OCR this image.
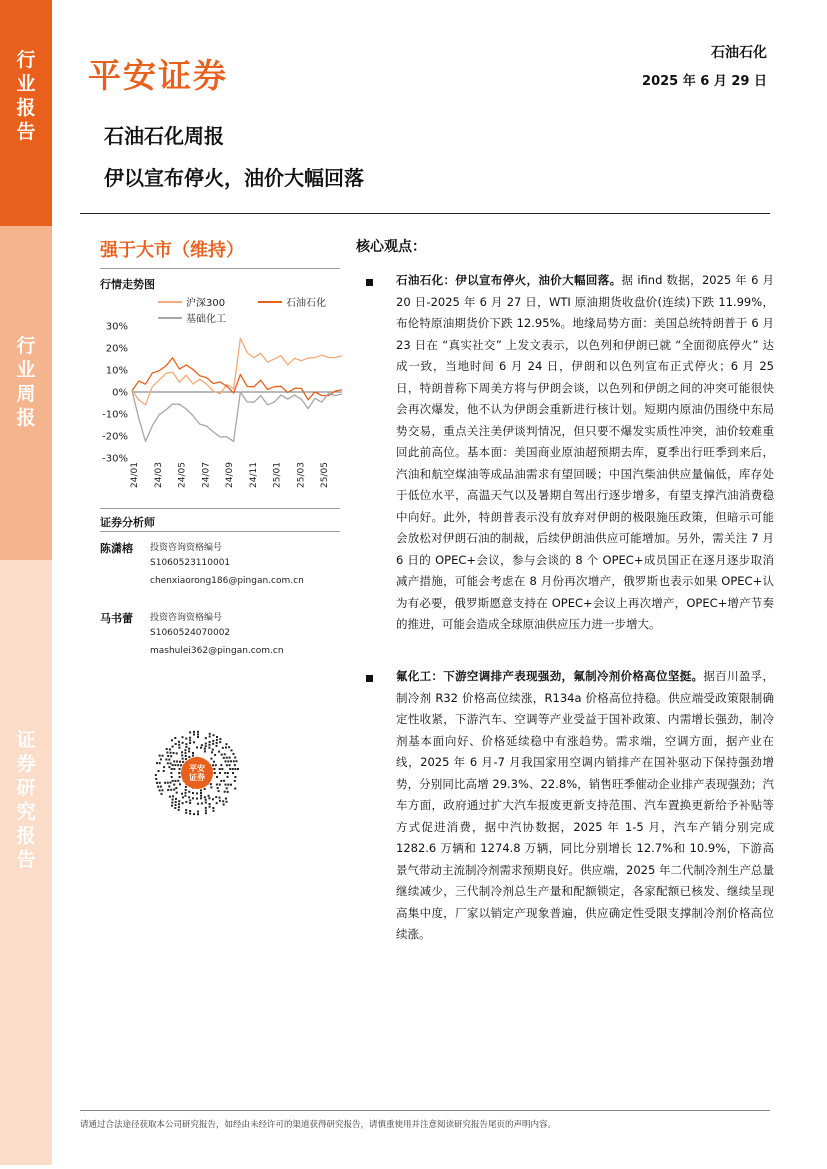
行
业
报
告
行
业
周
报
证
券
研
究
报
告
平安证券
石油石化
2025 年 6 月 29 日
石油石化周报
伊以宣布停火，油价大幅回落
强于大市（维持）
行情走势图
沪深300	石油石化
基础化工
30%
20%
10%
0%
-10%
-20%
-30%
24/01 24/03 24/05 24/07 24/09 24/11 25/01 25/03 25/05
证券分析师
陈潇榕 投资咨询资格编号
S1060523110001
chenxiaorong186@pingan.com.cn
马书蕾 投资咨询资格编号
S1060524070002
mashulei362@pingan.com.cn
平安
证券
核心观点：
石油石化：伊以宣布停火，油价大幅回落。据 ifind 数据，2025 年 6 月 20 日-2025 年 6 月 27 日，WTI 原油期货收盘价(连续)下跌 11.99%，布伦特原油期货价下跌 12.95%。地缘局势方面：美国总统特朗普于 6 月 23 日在 “真实社交” 上发文表示，以色列和伊朗已就 “全面彻底停火” 达成一致，当地时间 6 月 24 日，伊朗和以色列宣布正式停火；6 月 25 日，特朗普称下周美方将与伊朗会谈，以色列和伊朗之间的冲突可能很快会再次爆发，他不认为伊朗会重新进行核计划。短期内原油仍围绕中东局势交易，重点关注美伊谈判情况，但只要不爆发实质性冲突，油价较难重回此前高位。基本面：美国商业原油超预期去库，夏季出行旺季到来后，汽油和航空煤油等成品油需求有望回暖；中国汽柴油供应量偏低，库存处于低位水平，高温天气以及暑期自驾出行逐步增多，有望支撑汽油消费稳中向好。此外，特朗普表示没有放弃对伊朗的极限施压政策，但暗示可能会放松对伊朗石油的制裁，后续伊朗油供应可能增加。另外，需关注 7 月 6 日的 OPEC+会议，参与会谈的 8 个 OPEC+成员国正在逐月逐步取消减产措施，可能会考虑在 8 月份再次增产，俄罗斯也表示如果 OPEC+认为有必要，俄罗斯愿意支持在 OPEC+会议上再次增产，OPEC+增产节奏的推进，可能会造成全球原油供应压力进一步增大。
氟化工：下游空调排产表现强劲，氟制冷剂价格高位坚挺。据百川盈孚，制冷剂 R32 价格高位续涨，R134a 价格高位持稳。供应端受政策限制确定性收紧，下游汽车、空调等产业受益于国补政策、内需增长强劲，制冷剂基本面向好、价格延续稳中有涨趋势。需求端，空调方面，据产业在线，2025 年 6 月-7 月我国家用空调内销排产在国补驱动下保持强劲增势，分别同比高增 29.3%、22.8%，销售旺季催动企业排产表现强劲；汽车方面，政府通过扩大汽车报废更新支持范围、汽车置换更新给予补贴等方式促进消费，据中汽协数据，2025 年 1-5 月，汽车产销分别完成 1282.6 万辆和 1274.8 万辆，同比分别增长 12.7%和 10.9%，下游高景气带动主流制冷剂需求预期良好。供应端，2025 年二代制冷剂生产总量继续减少，三代制冷剂总生产量和配额锁定，各家配额已核发、继续呈现高集中度，厂家以销定产现象普遍，供应确定性受限支撑制冷剂价格高位续涨。
请通过合法途径获取本公司研究报告，如经由未经许可的渠道获得研究报告，请慎重使用并注意阅读研究报告尾页的声明内容。
